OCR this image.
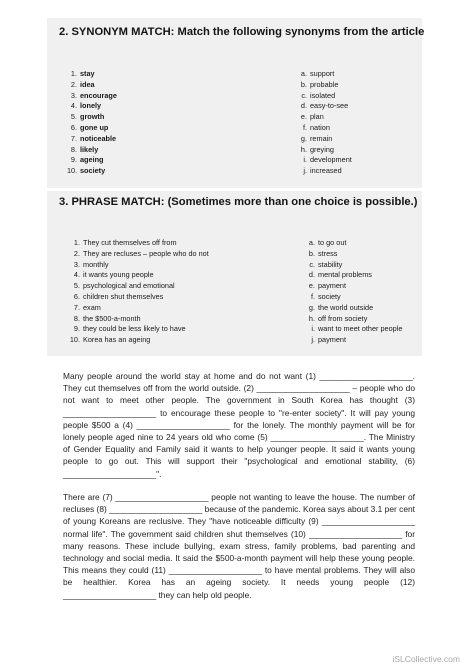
2. SYNONYM MATCH: Match the following synonyms from the article
1. stay
2. idea
3. encourage
4. lonely
5. growth
6. gone up
7. noticeable
8. likely
9. ageing
10. society
a. support
b. probable
c. isolated
d. easy-to-see
e. plan
f. nation
g. remain
h. greying
i. development
j. increased
3. PHRASE MATCH: (Sometimes more than one choice is possible.)
1. They cut themselves off from
2. They are recluses – people who do not
3. monthly
4. it wants young people
5. psychological and emotional
6. children shut themselves
7. exam
8. the $500-a-month
9. they could be less likely to have
10. Korea has an ageing
a. to go out
b. stress
c. stability
d. mental problems
e. payment
f. society
g. the world outside
h. off from society
i. want to meet other people
j. payment
Many people around the world stay at home and do not want (1) ____________________. They cut themselves off from the world outside. (2) ____________________ – people who do not want to meet other people. The government in South Korea has thought (3) ____________________ to encourage these people to "re-enter society". It will pay young people $500 a (4) ____________________ for the lonely. The monthly payment will be for lonely people aged nine to 24 years old who come (5) ____________________. The Ministry of Gender Equality and Family said it wants to help younger people. It said it wants young people to go out. This will support their "psychological and emotional stability, (6) ____________________".
There are (7) ____________________ people not wanting to leave the house. The number of recluses (8) ____________________ because of the pandemic. Korea says about 3.1 per cent of young Koreans are reclusive. They "have noticeable difficulty (9) ____________________ normal life". The government said children shut themselves (10) ____________________ for many reasons. These include bullying, exam stress, family problems, bad parenting and technology and social media. It said the $500-a-month payment will help these young people. This means they could (11) ____________________ to have mental problems. They will also be healthier. Korea has an ageing society. It needs young people (12) ____________________ they can help old people.
iSLCollective.com
